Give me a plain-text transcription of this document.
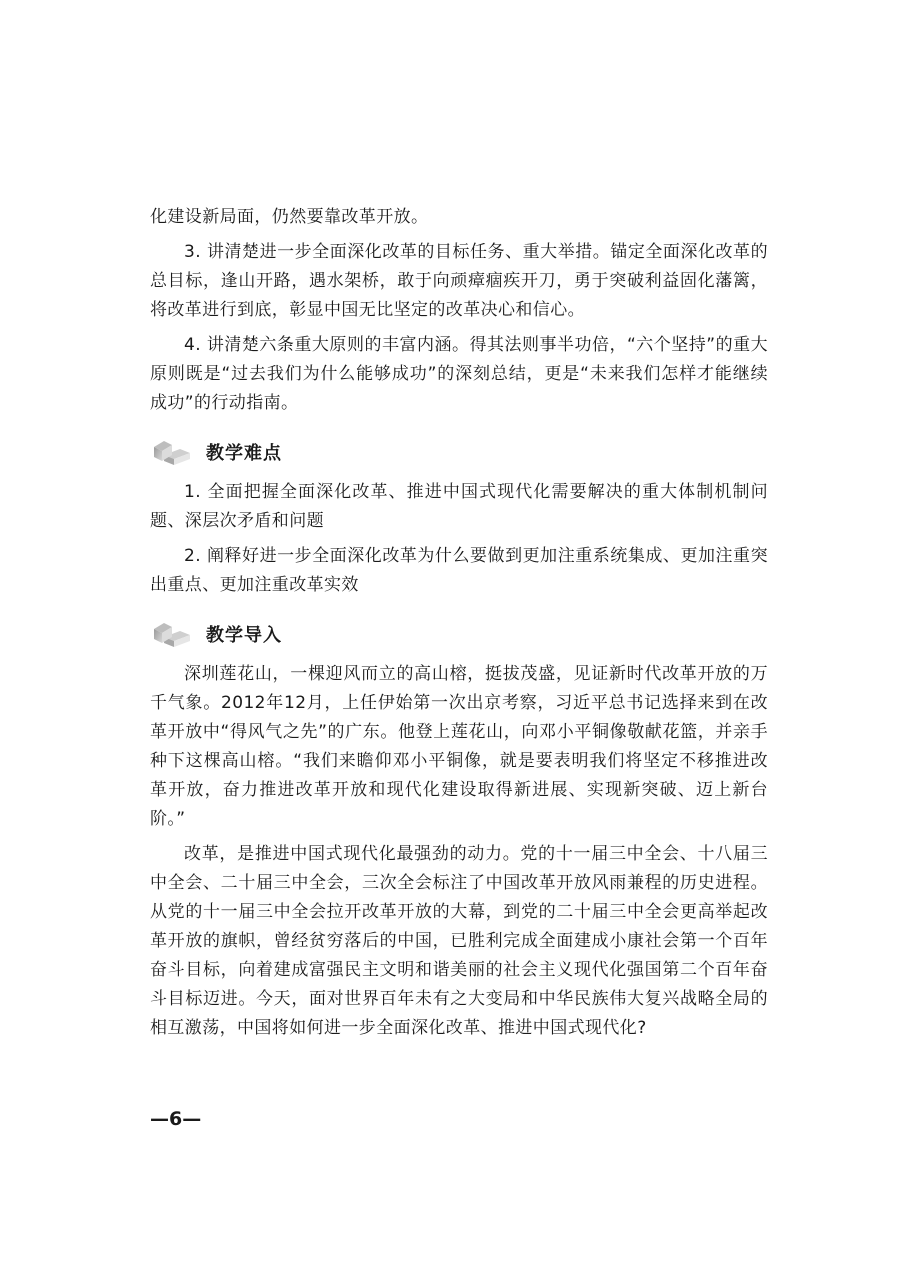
化建设新局面，仍然要靠改革开放。

3. 讲清楚进一步全面深化改革的目标任务、重大举措。锚定全面深化改革的总目标，逢山开路，遇水架桥，敢于向顽瘴痼疾开刀，勇于突破利益固化藩篱，将改革进行到底，彰显中国无比坚定的改革决心和信心。

4. 讲清楚六条重大原则的丰富内涵。得其法则事半功倍，“六个坚持”的重大原则既是“过去我们为什么能够成功”的深刻总结，更是“未来我们怎样才能继续成功”的行动指南。

教学难点

1. 全面把握全面深化改革、推进中国式现代化需要解决的重大体制机制问题、深层次矛盾和问题

2. 阐释好进一步全面深化改革为什么要做到更加注重系统集成、更加注重突出重点、更加注重改革实效

教学导入

深圳莲花山，一棵迎风而立的高山榕，挺拔茂盛，见证新时代改革开放的万千气象。2012年12月，上任伊始第一次出京考察，习近平总书记选择来到在改革开放中“得风气之先”的广东。他登上莲花山，向邓小平铜像敬献花篮，并亲手种下这棵高山榕。“我们来瞻仰邓小平铜像，就是要表明我们将坚定不移推进改革开放，奋力推进改革开放和现代化建设取得新进展、实现新突破、迈上新台阶。”

改革，是推进中国式现代化最强劲的动力。党的十一届三中全会、十八届三中全会、二十届三中全会，三次全会标注了中国改革开放风雨兼程的历史进程。从党的十一届三中全会拉开改革开放的大幕，到党的二十届三中全会更高举起改革开放的旗帜，曾经贫穷落后的中国，已胜利完成全面建成小康社会第一个百年奋斗目标，向着建成富强民主文明和谐美丽的社会主义现代化强国第二个百年奋斗目标迈进。今天，面对世界百年未有之大变局和中华民族伟大复兴战略全局的相互激荡，中国将如何进一步全面深化改革、推进中国式现代化?

—6—
